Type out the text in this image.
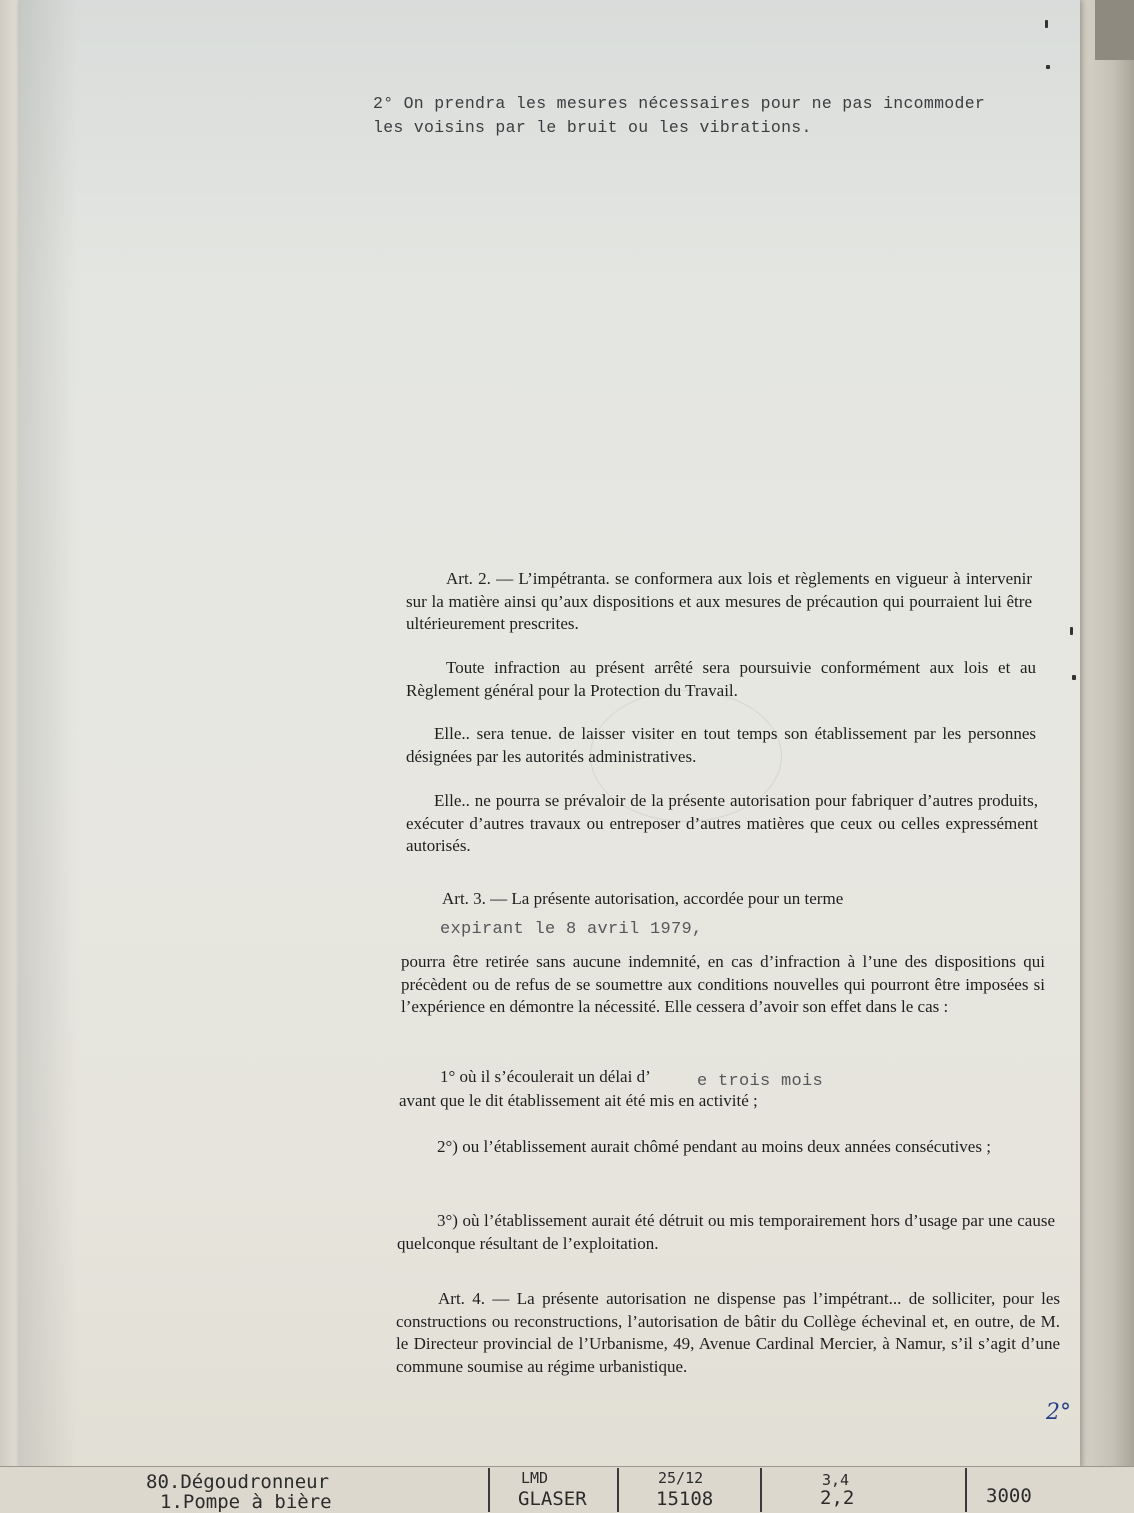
2° On prendra les mesures nécessaires pour ne pas incommoder
les voisins par le bruit ou les vibrations.
Art. 2. — L’impétranta. se conformera aux lois et règlements en vigueur à intervenir sur la matière ainsi qu’aux dispositions et aux mesures de précaution qui pourraient lui être ultérieurement prescrites.
Toute infraction au présent arrêté sera poursuivie conformément aux lois et au Règlement général pour la Protection du Travail.
Elle.. sera tenue. de laisser visiter en tout temps son établissement par les personnes désignées par les autorités administratives.
Elle.. ne pourra se prévaloir de la présente autorisation pour fabriquer d’autres produits, exécuter d’autres travaux ou entreposer d’autres matières que ceux ou celles expressément autorisés.
Art. 3. — La présente autorisation, accordée pour un terme
expirant le 8 avril 1979,
pourra être retirée sans aucune indemnité, en cas d’infraction à l’une des dispositions qui précèdent ou de refus de se soumettre aux conditions nouvelles qui pourront être imposées si l’expérience en démontre la nécessité. Elle cessera d’avoir son effet dans le cas :
1° où il s’écoulerait un délai d’	e trois mois
avant que le dit établissement ait été mis en activité ;
2°) ou l’établissement aurait chômé pendant au moins deux années consécutives ;
3°) où l’établissement aurait été détruit ou mis temporairement hors d’usage par une cause quelconque résultant de l’exploitation.
Art. 4. — La présente autorisation ne dispense pas l’impétrant... de solliciter, pour les constructions ou reconstructions, l’autorisation de bâtir du Collège échevinal et, en outre, de M. le Directeur provincial de l’Urbanisme, 49, Avenue Cardinal Mercier, à Namur, s’il s’agit d’une commune soumise au régime urbanistique.
2°
80.Dégoudronneur
1.Pompe à bière
LMD
GLASER
25/12
15108
3,4
2,2	3000
